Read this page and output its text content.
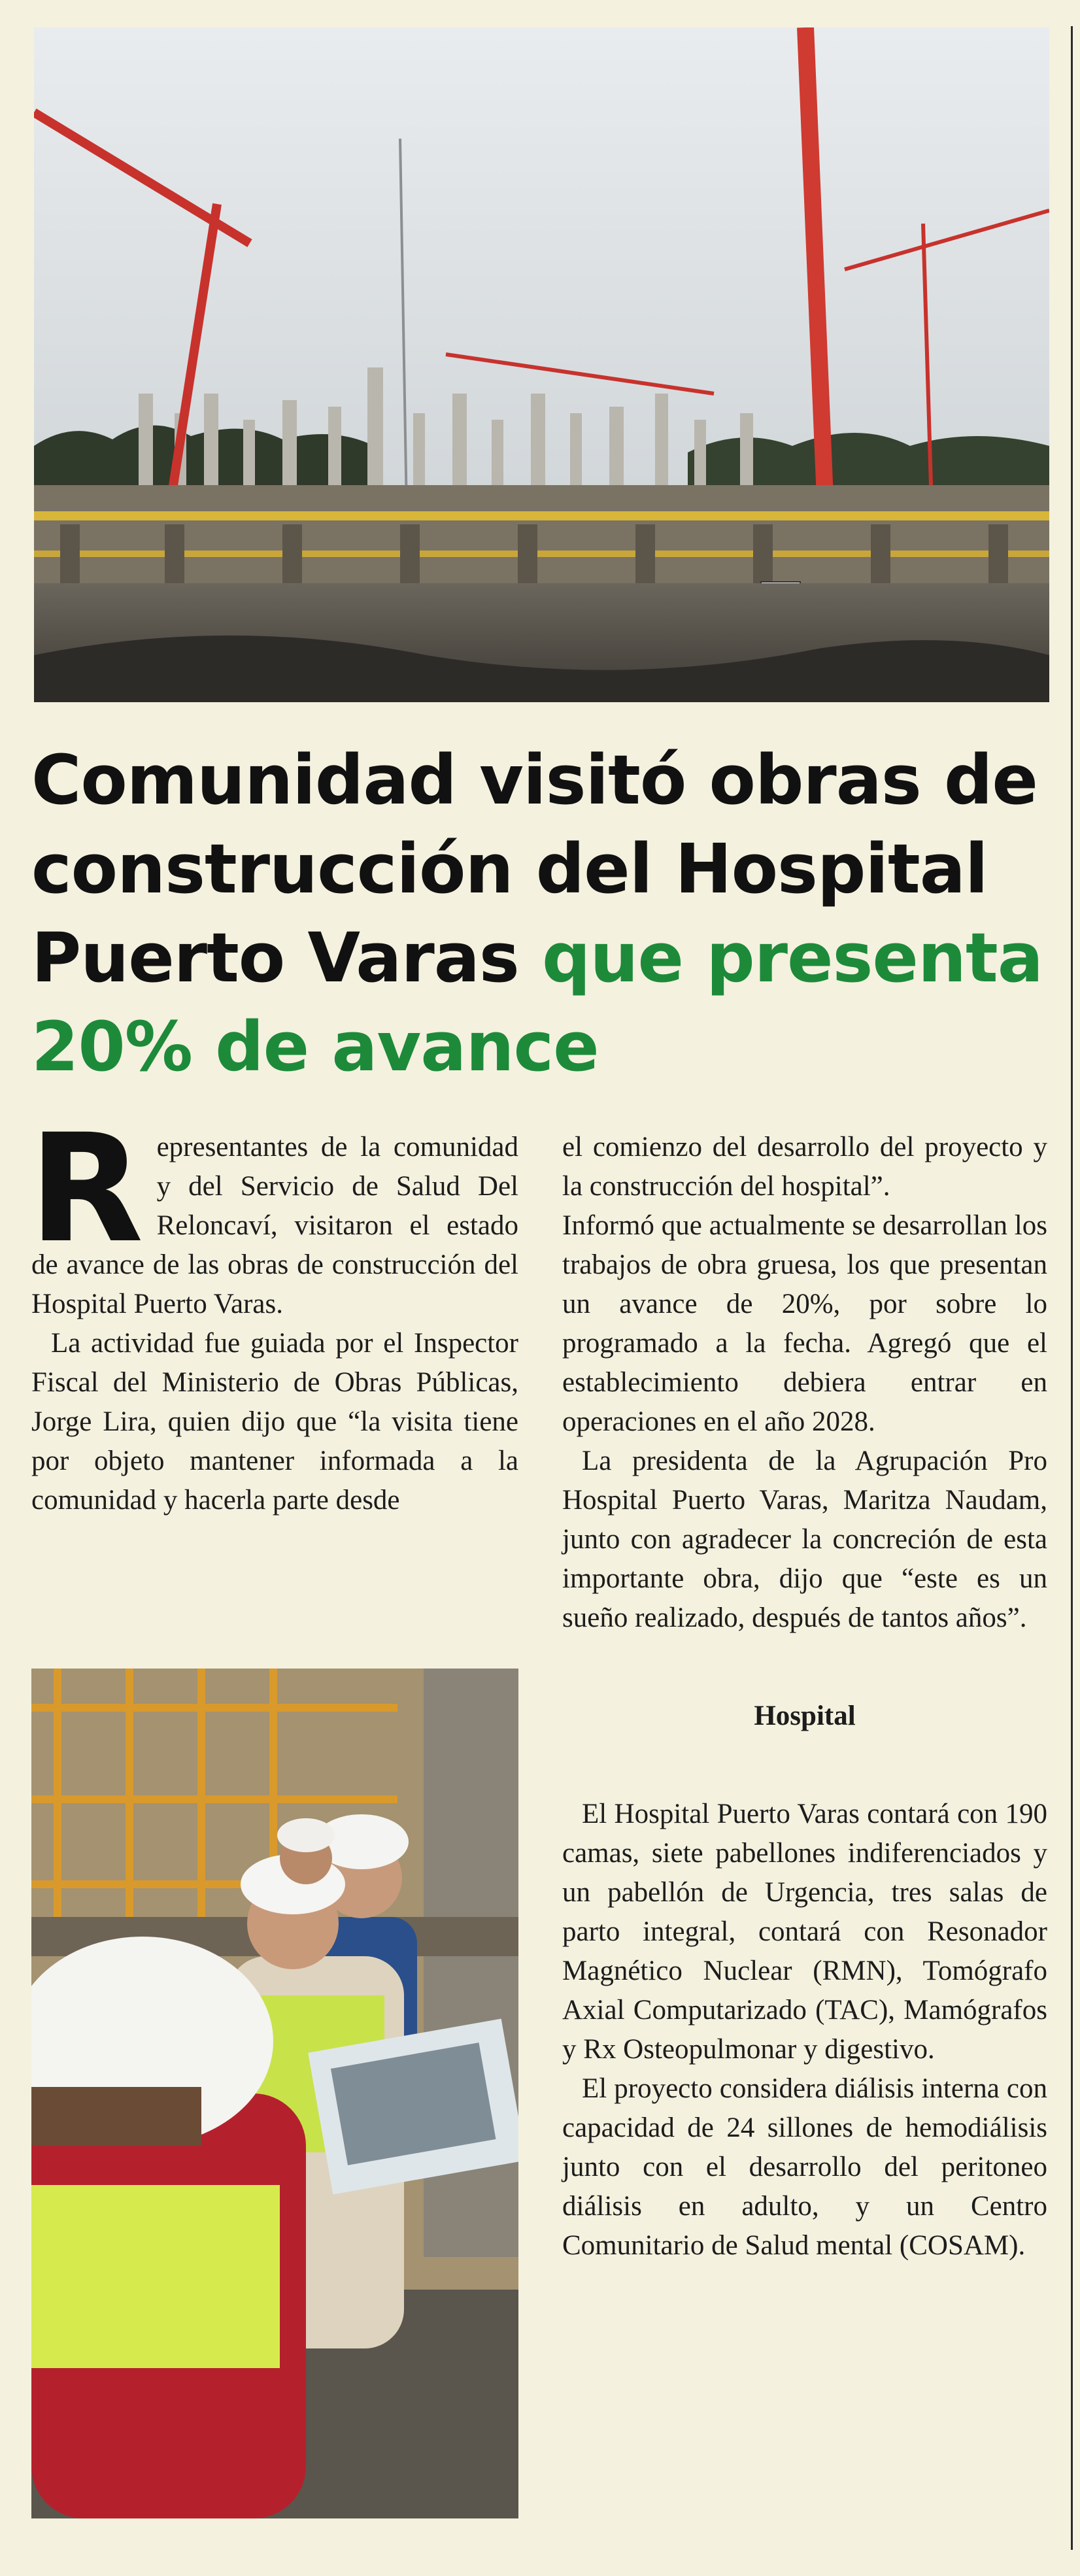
Comunidad visitó obras de construcción del Hospital Puerto Varas que presenta 20% de avance
R epresentantes de la comunidad y del Servicio de Salud Del Reloncaví, visitaron el estado de avance de las obras de construcción del Hospital Puerto Varas.

La actividad fue guiada por el Inspector Fiscal del Ministerio de Obras Públicas, Jorge Lira, quien dijo que “la visita tiene por objeto mantener informada a la comunidad y hacerla parte desde

el comienzo del desarrollo del proyecto y la construcción del hospital”.

Informó que actualmente se desarrollan los trabajos de obra gruesa, los que presentan un avance de 20%, por sobre lo programado a la fecha. Agregó que el establecimiento debiera entrar en operaciones en el año 2028.

La presidenta de la Agrupación Pro Hospital Puerto Varas, Maritza Naudam, junto con agradecer la concreción de esta importante obra, dijo que “este es un sueño realizado, después de tantos años”.

Hospital

El Hospital Puerto Varas contará con 190 camas, siete pabellones indiferenciados y un pabellón de Urgencia, tres salas de parto integral, contará con Resonador Magnético Nuclear (RMN), Tomógrafo Axial Computarizado (TAC), Mamógrafos y Rx Osteopulmonar y digestivo.

El proyecto considera diálisis interna con capacidad de 24 sillones de hemodiálisis junto con el desarrollo del peritoneo diálisis en adulto, y un Centro Comunitario de Salud mental (COSAM).
